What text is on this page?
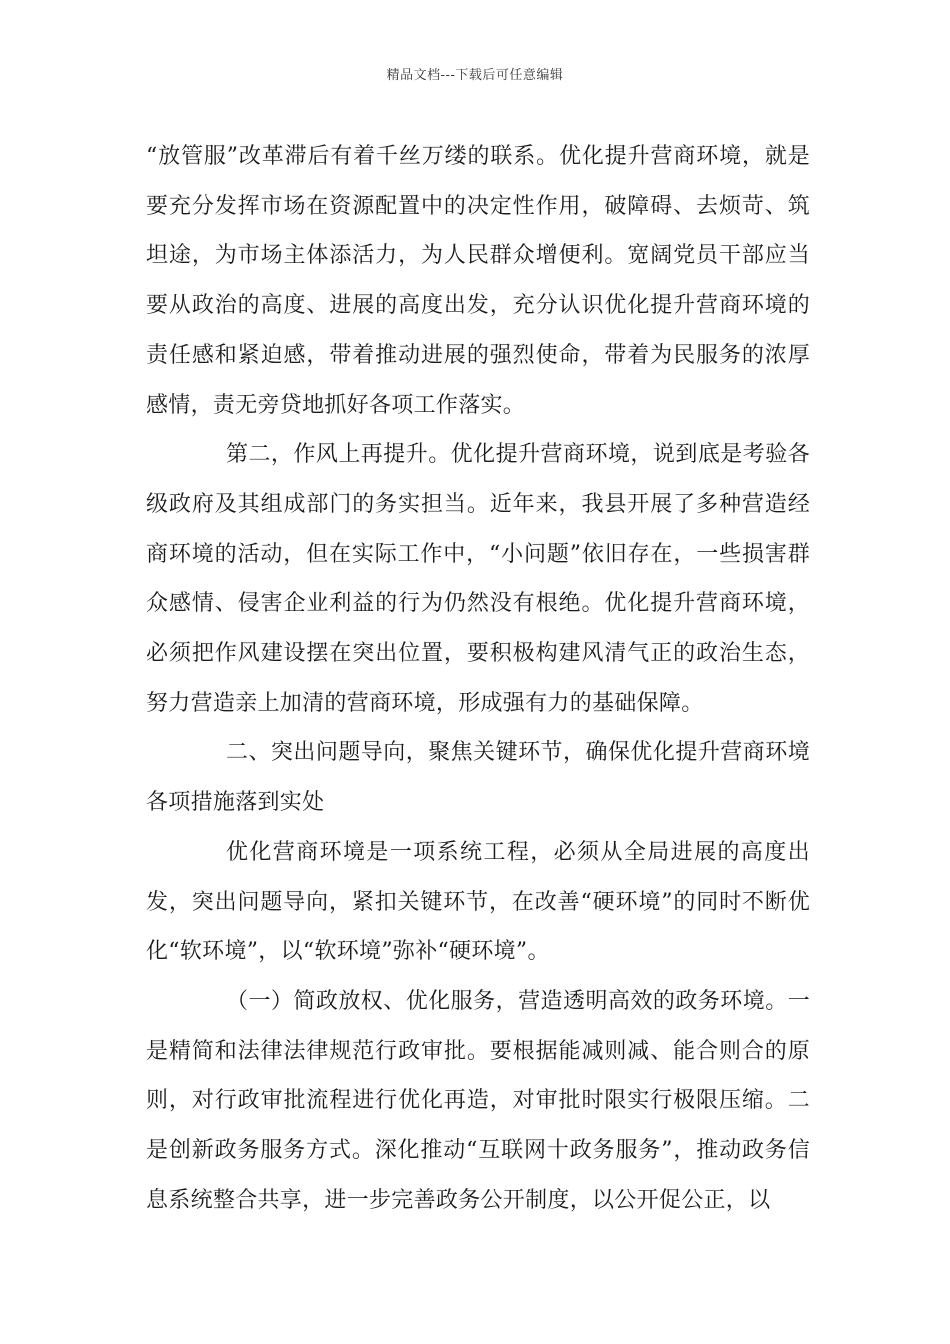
精品文档---下载后可任意编辑

“放管服”改革滞后有着千丝万缕的联系。优化提升营商环境，就是要充分发挥市场在资源配置中的决定性作用，破障碍、去烦苛、筑坦途，为市场主体添活力，为人民群众增便利。宽阔党员干部应当要从政治的高度、进展的高度出发，充分认识优化提升营商环境的责任感和紧迫感，带着推动进展的强烈使命，带着为民服务的浓厚感情，责无旁贷地抓好各项工作落实。

第二，作风上再提升。优化提升营商环境，说到底是考验各级政府及其组成部门的务实担当。近年来，我县开展了多种营造经商环境的活动，但在实际工作中，“小问题”依旧存在，一些损害群众感情、侵害企业利益的行为仍然没有根绝。优化提升营商环境，必须把作风建设摆在突出位置，要积极构建风清气正的政治生态，努力营造亲上加清的营商环境，形成强有力的基础保障。

二、突出问题导向，聚焦关键环节，确保优化提升营商环境各项措施落到实处

优化营商环境是一项系统工程，必须从全局进展的高度出发，突出问题导向，紧扣关键环节，在改善“硬环境”的同时不断优化“软环境”，以“软环境”弥补“硬环境”。

（一）简政放权、优化服务，营造透明高效的政务环境。一是精简和法律法律规范行政审批。要根据能减则减、能合则合的原则，对行政审批流程进行优化再造，对审批时限实行极限压缩。二是创新政务服务方式。深化推动“互联网十政务服务”，推动政务信息系统整合共享，进一步完善政务公开制度，以公开促公正，以
